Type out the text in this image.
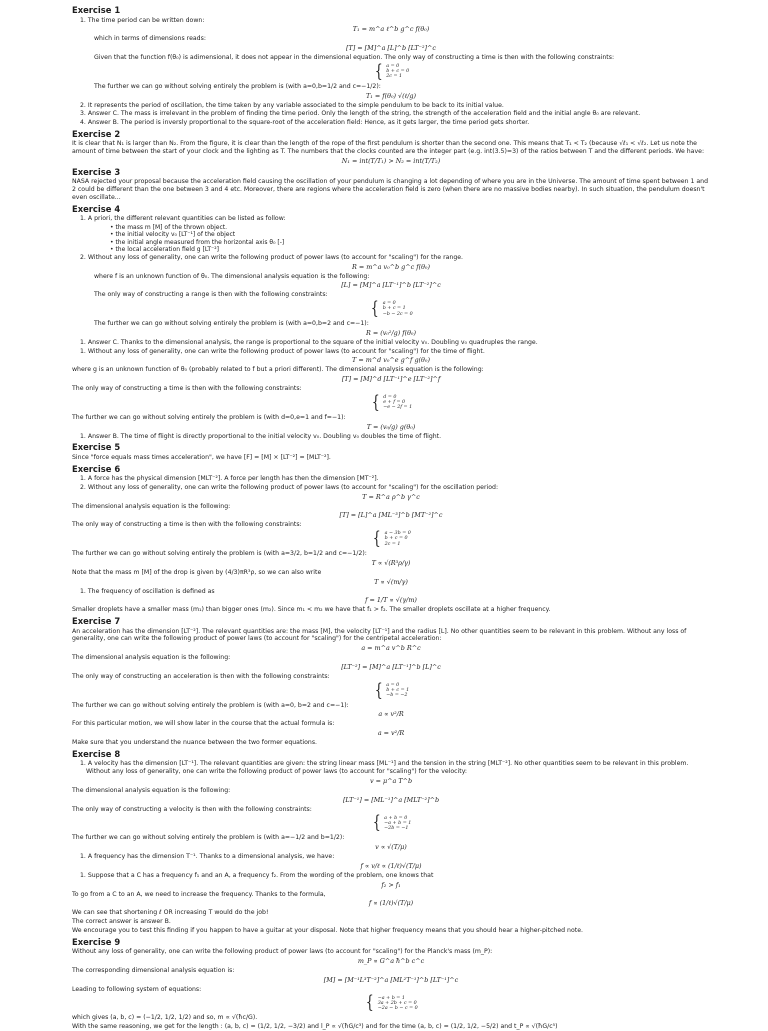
Exercise 1

1. The time period can be written down:

T₁ = m^a ℓ^b g^c f(θ₀)

which in terms of dimensions reads:

[T] = [M]^a [L]^b [LT⁻²]^c

Given that the function f(θ₀) is adimensional, it does not appear in the dimensional equation. The only way of constructing a time is then with the following constraints:

{ a = 0
b + c = 0
2c = 1

The further we can go without solving entirely the problem is (with a=0,b=1/2 and c=−1/2):

T₁ = f(θ₀) √(ℓ/g)

2. It represents the period of oscillation, the time taken by any variable associated to the simple pendulum to be back to its initial value.

3. Answer C. The mass is irrelevant in the problem of finding the time period. Only the length of the string, the strength of the acceleration field and the initial angle θ₀ are relevant.

4. Answer B. The period is inversly proportional to the square-root of the acceleration field: Hence, as it gets larger, the time period gets shorter.

Exercise 2

It is clear that N₁ is larger than N₂. From the figure, it is clear than the length of the rope of the first pendulum is shorter than the second one. This means that T₁ < T₂ (because √ℓ₁ < √ℓ₂. Let us note the amount of time between the start of your clock and the lighting as T. The numbers that the clocks counted are the integer part (e.g. int(3.5)=3) of the ratios between T and the different periods. We have:

N₁ = int(T/T₁) > N₂ = int(T/T₂)
Exercise 3

NASA rejected your proposal because the acceleration field causing the oscillation of your pendulum is changing a lot depending of where you are in the Universe. The amount of time spent between 1 and 2 could be different than the one between 3 and 4 etc. Moreover, there are regions where the acceleration field is zero (when there are no massive bodies nearby). In such situation, the pendulum doesn't even oscillate...

Exercise 4

1. A priori, the different relevant quantities can be listed as follow:

• the mass m [M] of the thrown object.

• the initial velocity v₀ [LT⁻¹] of the object

• the initial angle measured from the horizontal axis θ₀ [-]

• the local acceleration field g [LT⁻²]

2. Without any loss of generality, one can write the following product of power laws (to account for "scaling") for the range.

R = m^a v₀^b g^c f(θ₀)

where f is an unknown function of θ₀. The dimensional analysis equation is the following:

[L] = [M]^a [LT⁻¹]^b [LT⁻²]^c

The only way of constructing a range is then with the following constraints:

{ a = 0
b + c = 1
−b − 2c = 0

The further we can go without solving entirely the problem is (with a=0,b=2 and c=−1):

R = (v₀²/g) f(θ₀)

1. Answer C. Thanks to the dimensional analysis, the range is proportional to the square of the initial velocity v₀. Doubling v₀ quadruples the range.

1. Without any loss of generality, one can write the following product of power laws (to account for "scaling") for the time of flight.

T = m^d v₀^e g^f g(θ₀)

where g is an unknown function of θ₀ (probably related to f but a priori different). The dimensional analysis equation is the following:

[T] = [M]^d [LT⁻¹]^e [LT⁻²]^f

The only way of constructing a time is then with the following constraints:

{ d = 0
e + f = 0
−e − 2f = 1

The further we can go without solving entirely the problem is (with d=0,e=1 and f=−1):

T = (v₀/g) g(θ₀)

1. Answer B. The time of flight is directly proportional to the initial velocity v₀. Doubling v₀ doubles the time of flight.

Exercise 5

Since "force equals mass times acceleration", we have [F] = [M] × [LT⁻²] = [MLT⁻²].

Exercise 6

1. A force has the physical dimension [MLT⁻²]. A force per length has then the dimension [MT⁻²].

2. Without any loss of generality, one can write the following product of power laws (to account for "scaling") for the oscillation period:

T = R^a ρ^b γ^c

The dimensional analysis equation is the following:

[T] = [L]^a [ML⁻³]^b [MT⁻²]^c

The only way of constructing a time is then with the following constraints:

{ a − 3b = 0
b + c = 0
2c = 1

The further we can go without solving entirely the problem is (with a=3/2, b=1/2 and c=−1/2):

T ∝ √(R³ρ/γ)

Note that the mass m [M] of the drop is given by (4/3)πR³ρ, so we can also write

T ∝ √(m/γ)

1. The frequency of oscillation is defined as

f = 1/T ∝ √(γ/m)

Smaller droplets have a smaller mass (m₁) than bigger ones (m₂). Since m₁ < m₂ we have that f₁ > f₂. The smaller droplets oscillate at a higher frequency.

Exercise 7

An acceleration has the dimension [LT⁻²]. The relevant quantities are: the mass [M], the velocity [LT⁻¹] and the radius [L]. No other quantities seem to be relevant in this problem. Without any loss of generality, one can write the following product of power laws (to account for "scaling") for the centripetal acceleration:

a = m^a v^b R^c

The dimensional analysis equation is the following:

[LT⁻²] = [M]^a [LT⁻¹]^b [L]^c

The only way of constructing an acceleration is then with the following constraints:

{ a = 0
b + c = 1
−b = −2

The further we can go without solving entirely the problem is (with a=0, b=2 and c=−1):

a ∝ v²/R

For this particular motion, we will show later in the course that the actual formula is:

a = v²/R

Make sure that you understand the nuance between the two former equations.

Exercise 8

1. A velocity has the dimension [LT⁻¹]. The relevant quantities are given: the string linear mass [ML⁻¹] and the tension in the string [MLT⁻²]. No other quantities seem to be relevant in this problem. Without any loss of generality, one can write the following product of power laws (to account for "scaling") for the velocity:

v = μ^a T^b

The dimensional analysis equation is the following:

[LT⁻¹] = [ML⁻¹]^a [MLT⁻²]^b

The only way of constructing a velocity is then with the following constraints:

{ a + b = 0
−a + b = 1
−2b = −1

The further we can go without solving entirely the problem is (with a=−1/2 and b=1/2):

v ∝ √(T/μ)

1. A frequency has the dimension T⁻¹. Thanks to a dimensional analysis, we have:

f ∝ v/ℓ ∝ (1/ℓ)√(T/μ)

1. Suppose that a C has a frequency f₁ and an A, a frequency f₂. From the wording of the problem, one knows that

f₂ > f₁

To go from a C to an A, we need to increase the frequency. Thanks to the formula,

f ∝ (1/ℓ)√(T/μ)

We can see that shortening ℓ OR increasing T would do the job!

The correct answer is answer B.

We encourage you to test this finding if you happen to have a guitar at your disposal. Note that higher frequency means that you should hear a higher-pitched note.

Exercise 9

Without any loss of generality, one can write the following product of power laws (to account for "scaling") for the Planck's mass (m_P):

m_P ∝ G^a ħ^b c^c

The corresponding dimensional analysis equation is:

[M] = [M⁻¹L³T⁻²]^a [ML²T⁻¹]^b [LT⁻¹]^c

Leading to following system of equations:

{ −a + b = 1
3a + 2b + c = 0
−2a − b − c = 0

which gives (a, b, c) = (−1/2, 1/2, 1/2) and so, m ∝ √(ħc/G).

With the same reasoning, we get for the length : (a, b, c) = (1/2, 1/2, −3/2) and l_P ∝ √(ħG/c³) and for the time (a, b, c) = (1/2, 1/2, −5/2) and t_P ∝ √(ħG/c⁵)
